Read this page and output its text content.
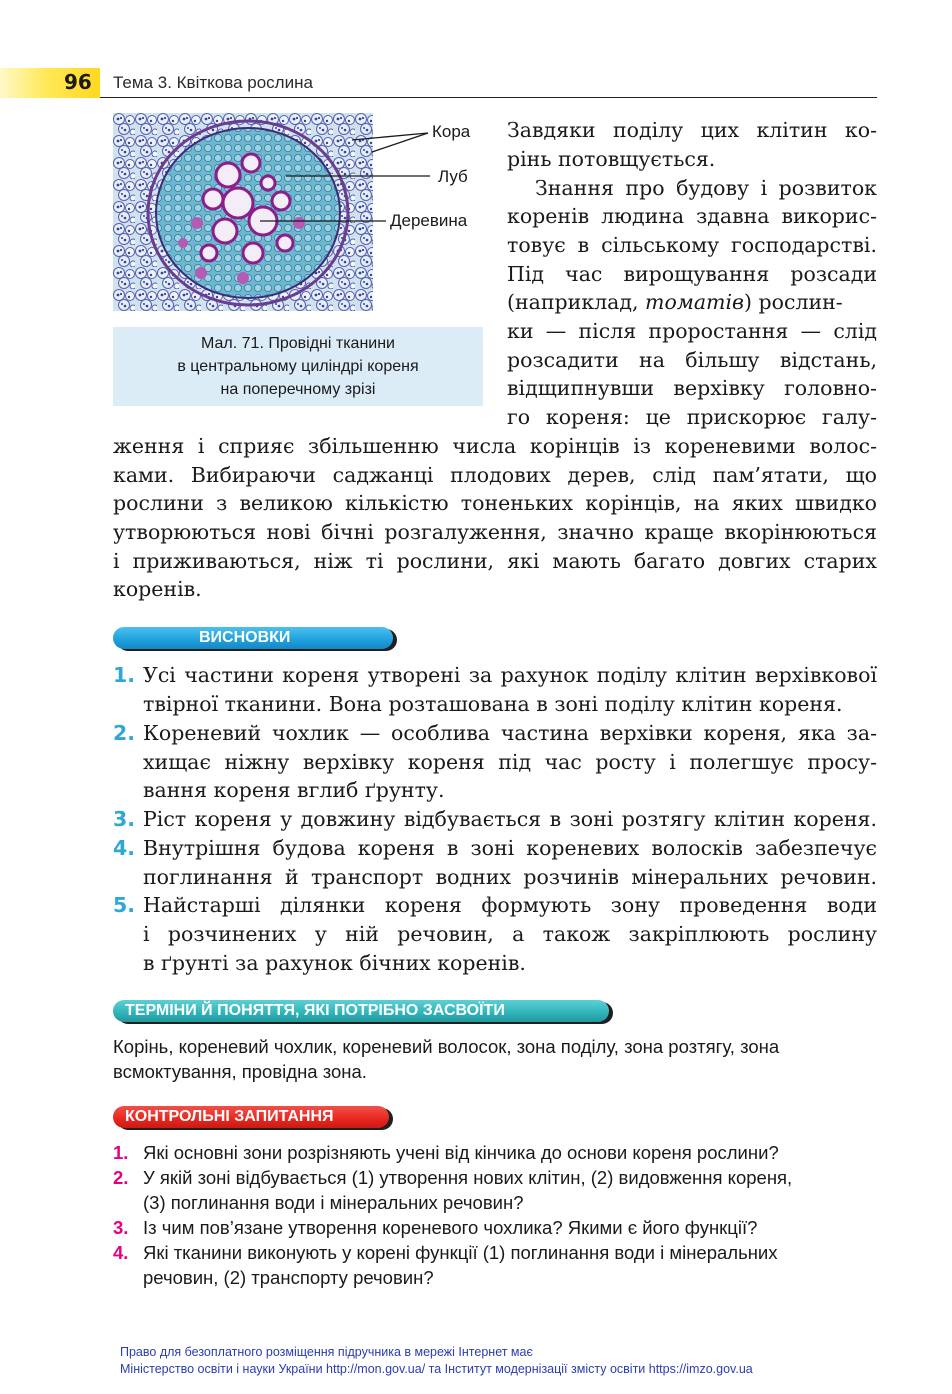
96 Тема 3. Квіткова рослина
Кора
Луб
Деревина
Мал. 71. Провідні тканини
в центральному циліндрі кореня
на поперечному зрізі
Завдяки поділу цих клітин ко-
рінь потовщується.
Знання про будову і розвиток
коренів людина здавна викорис-
товує в сільському господарстві.
Під час вирощування розсади
(наприклад, томатів) рослин-
ки — після проростання — слід
розсадити на більшу відстань,
відщипнувши верхівку головно-
го кореня: це прискорює галу-
ження і сприяє збільшенню числа корінців із кореневими волос-
ками. Вибираючи саджанці плодових дерев, слід пам’ятати, що
рослини з великою кількістю тоненьких корінців, на яких швидко
утворюються нові бічні розгалуження, значно краще вкорінюються
і приживаються, ніж ті рослини, які мають багато довгих старих
коренів.
ВИСНОВКИ
1. Усі частини кореня утворені за рахунок поділу клітин верхівкової
твірної тканини. Вона розташована в зоні поділу клітин кореня.
2. Кореневий чохлик — особлива частина верхівки кореня, яка за-
хищає ніжну верхівку кореня під час росту і полегшує просу-
вання кореня вглиб ґрунту.
3. Ріст кореня у довжину відбувається в зоні розтягу клітин кореня.
4. Внутрішня будова кореня в зоні кореневих волосків забезпечує
поглинання й транспорт водних розчинів мінеральних речовин.
5. Найстарші ділянки кореня формують зону проведення води
і розчинених у ній речовин, а також закріплюють рослину
в ґрунті за рахунок бічних коренів.
ТЕРМІНИ Й ПОНЯТТЯ, ЯКІ ПОТРІБНО ЗАСВОЇТИ
Корінь, кореневий чохлик, кореневий волосок, зона поділу, зона розтягу, зона
всмоктування, провідна зона.
КОНТРОЛЬНІ ЗАПИТАННЯ
1. Які основні зони розрізняють учені від кінчика до основи кореня рослини?
2. У якій зоні відбувається (1) утворення нових клітин, (2) видовження кореня,
(3) поглинання води і мінеральних речовин?
3. Із чим пов’язане утворення кореневого чохлика? Якими є його функції?
4. Які тканини виконують у корені функції (1) поглинання води і мінеральних
речовин, (2) транспорту речовин?
Право для безоплатного розміщення підручника в мережі Інтернет має
Міністерство освіти і науки України http://mon.gov.ua/ та Інститут модернізації змісту освіти https://imzo.gov.ua
